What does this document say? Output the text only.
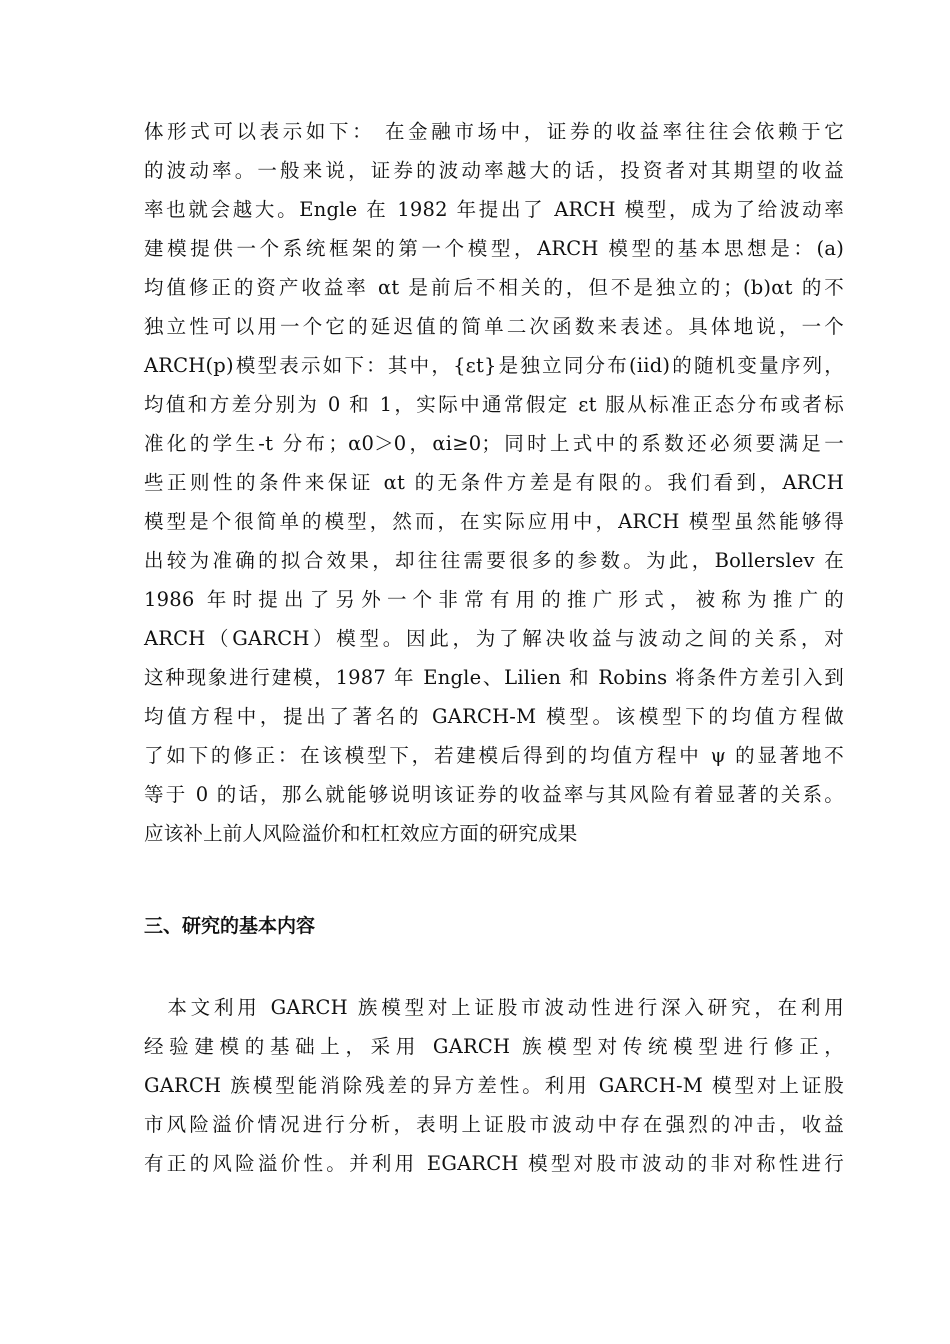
体形式可以表示如下： 在金融市场中，证券的收益率往往会依赖于它
的波动率。一般来说，证券的波动率越大的话，投资者对其期望的收益
率也就会越大。Engle 在 1982 年提出了 ARCH 模型，成为了给波动率
建模提供一个系统框架的第一个模型，ARCH 模型的基本思想是：(a)
均值修正的资产收益率 αt 是前后不相关的，但不是独立的；(b)αt 的不
独立性可以用一个它的延迟值的简单二次函数来表述。具体地说，一个
ARCH(p)模型表示如下：其中，{εt}是独立同分布(iid)的随机变量序列，
均值和方差分别为 0 和 1，实际中通常假定 εt 服从标准正态分布或者标
准化的学生-t 分布；α0＞0，αi≥0；同时上式中的系数还必须要满足一
些正则性的条件来保证 αt 的无条件方差是有限的。我们看到，ARCH
模型是个很简单的模型，然而，在实际应用中，ARCH 模型虽然能够得
出较为准确的拟合效果，却往往需要很多的参数。为此，Bollerslev 在
1986 年时提出了另外一个非常有用的推广形式，被称为推广的
ARCH（GARCH）模型。因此，为了解决收益与波动之间的关系，对
这种现象进行建模，1987 年 Engle、Lilien 和 Robins 将条件方差引入到
均值方程中，提出了著名的 GARCH-M 模型。该模型下的均值方程做
了如下的修正：在该模型下，若建模后得到的均值方程中 ψ 的显著地不
等于 0 的话，那么就能够说明该证券的收益率与其风险有着显著的关系。
应该补上前人风险溢价和杠杠效应方面的研究成果
三、研究的基本内容
　本文利用 GARCH 族模型对上证股市波动性进行深入研究，在利用
经验建模的基础上，采用 GARCH 族模型对传统模型进行修正，
GARCH 族模型能消除残差的异方差性。利用 GARCH-M 模型对上证股
市风险溢价情况进行分析，表明上证股市波动中存在强烈的冲击，收益
有正的风险溢价性。并利用 EGARCH 模型对股市波动的非对称性进行
